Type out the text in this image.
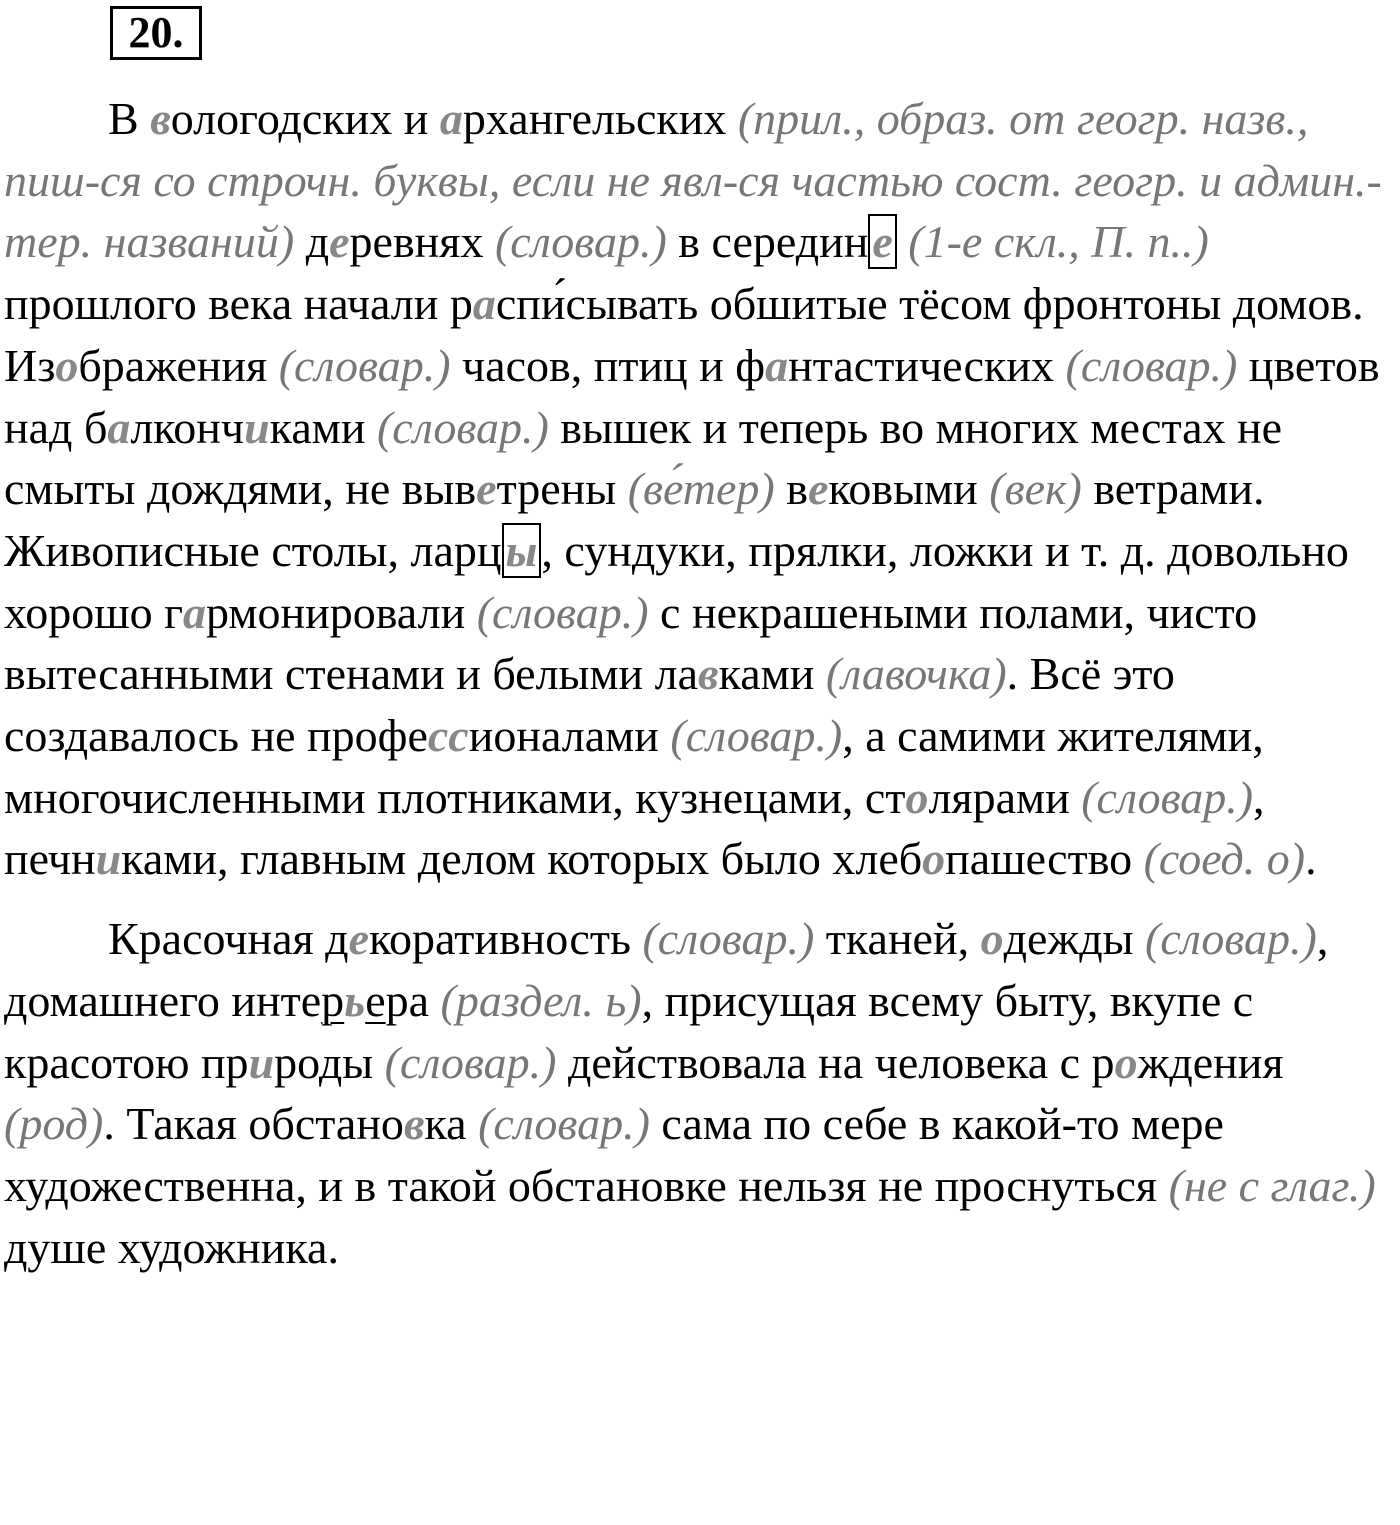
20.

В вологодских и архангельских (прил., образ. от геогр. назв., пиш-ся со строчн. буквы, если не явл-ся частью сост. геогр. и админ.-тер. названий) деревнях (словар.) в середине (1-е скл., П. п..) прошлого века начали распи́сывать обшитые тёсом фронтоны домов. Изображения (словар.) часов, птиц и фантастических (словар.) цветов над балкончиками (словар.) вышек и теперь во многих местах не смыты дождями, не выветрены (ве́тер) вековыми (век) ветрами. Живописные столы, ларцы, сундуки, прялки, ложки и т. д. довольно хорошо гармонировали (словар.) с некрашеными полами, чисто вытесанными стенами и белыми лавками (лавочка). Всё это создавалось не профессионалами (словар.), а самими жителями, многочисленными плотниками, кузнецами, столярами (словар.), печниками, главным делом которых было хлебопашество (соед. о).

Красочная декоративность (словар.) тканей, одежды (словар.), домашнего интерьера (раздел. ь), присущая всему быту, вкупе с красотою природы (словар.) действовала на человека с рождения (род). Такая обстановка (словар.) сама по себе в какой-то мере художественна, и в такой обстановке нельзя не проснуться (не с глаг.) душе художника.
